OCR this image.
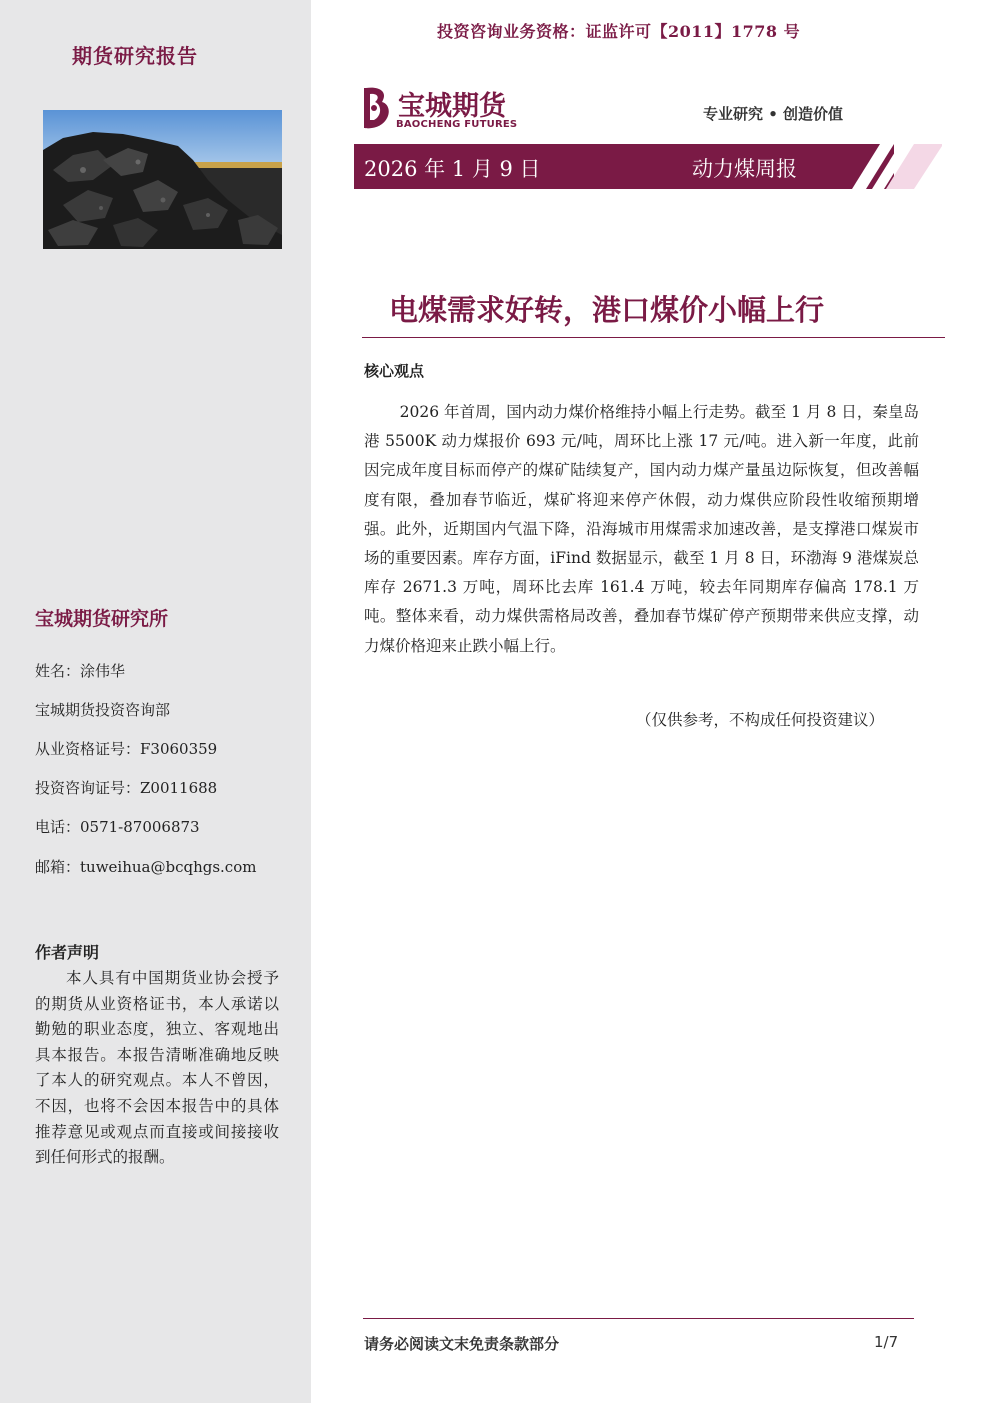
期货研究报告
宝城期货研究所
姓名：涂伟华
宝城期货投资咨询部
从业资格证号：F3060359
投资咨询证号：Z0011688
电话：0571-87006873
邮箱：tuweihua@bcqhgs.com
作者声明
本人具有中国期货业协会授予的期货从业资格证书，本人承诺以勤勉的职业态度，独立、客观地出具本报告。本报告清晰准确地反映了本人的研究观点。本人不曾因，不因，也将不会因本报告中的具体推荐意见或观点而直接或间接接收到任何形式的报酬。
投资咨询业务资格：证监许可【2011】1778 号
宝城期货
BAOCHENG FUTURES
专业研究 • 创造价值
2026 年 1 月 9 日	动力煤周报
电煤需求好转，港口煤价小幅上行
核心观点
2026 年首周，国内动力煤价格维持小幅上行走势。截至 1 月 8 日，秦皇岛港 5500K 动力煤报价 693 元/吨，周环比上涨 17 元/吨。进入新一年度，此前因完成年度目标而停产的煤矿陆续复产，国内动力煤产量虽边际恢复，但改善幅度有限，叠加春节临近，煤矿将迎来停产休假，动力煤供应阶段性收缩预期增强。此外，近期国内气温下降，沿海城市用煤需求加速改善，是支撑港口煤炭市场的重要因素。库存方面，iFind 数据显示，截至 1 月 8 日，环渤海 9 港煤炭总库存 2671.3 万吨，周环比去库 161.4 万吨，较去年同期库存偏高 178.1 万吨。整体来看，动力煤供需格局改善，叠加春节煤矿停产预期带来供应支撑，动力煤价格迎来止跌小幅上行。
（仅供参考，不构成任何投资建议）
请务必阅读文末免责条款部分	1/7
